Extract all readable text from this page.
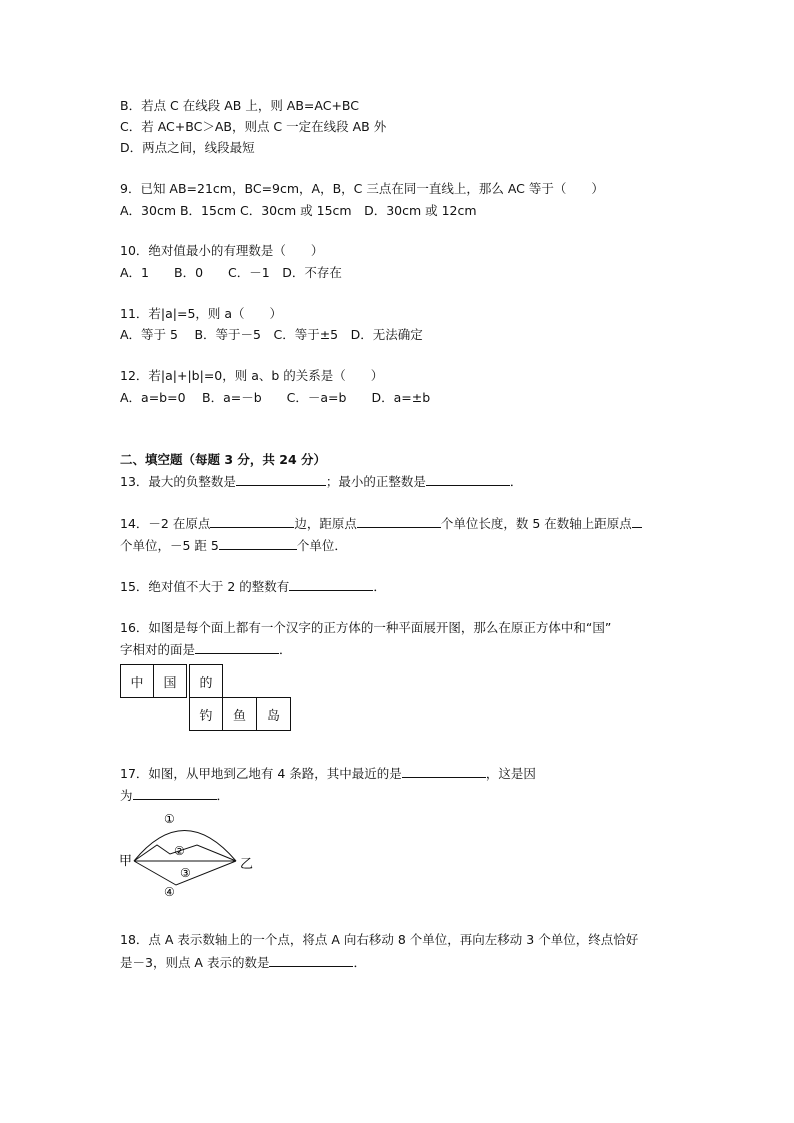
B．若点 C 在线段 AB 上，则 AB=AC+BC
C．若 AC+BC＞AB，则点 C 一定在线段 AB 外
D．两点之间，线段最短
9．已知 AB=21cm，BC=9cm，A，B，C 三点在同一直线上，那么 AC 等于（　　）
A．30cm B．15cm C．30cm 或 15cm　D．30cm 或 12cm
10．绝对值最小的有理数是（　　）
A．1　　B．0　　C．－1　D．不存在
11．若|a|=5，则 a（　　）
A．等于 5　 B．等于－5　C．等于±5　D．无法确定
12．若|a|+|b|=0，则 a、b 的关系是（　　）
A．a=b=0　 B．a=－b　　C．－a=b　　D．a=±b
二、填空题（每题 3 分，共 24 分）
13．最大的负整数是	；最小的正整数是	．
14．－2 在原点	边，距原点	个单位长度，数 5 在数轴上距原点
个单位，－5 距 5	个单位．
15．绝对值不大于 2 的整数有	．
16．如图是每个面上都有一个汉字的正方体的一种平面展开图，那么在原正方体中和“国”
字相对的面是	．
中	国	的
钓	鱼	岛
17．如图，从甲地到乙地有 4 条路，其中最近的是	，这是因
为	．
甲	乙
①
②
③
④
18．点 A 表示数轴上的一个点，将点 A 向右移动 8 个单位，再向左移动 3 个单位，终点恰好
是－3，则点 A 表示的数是	．
